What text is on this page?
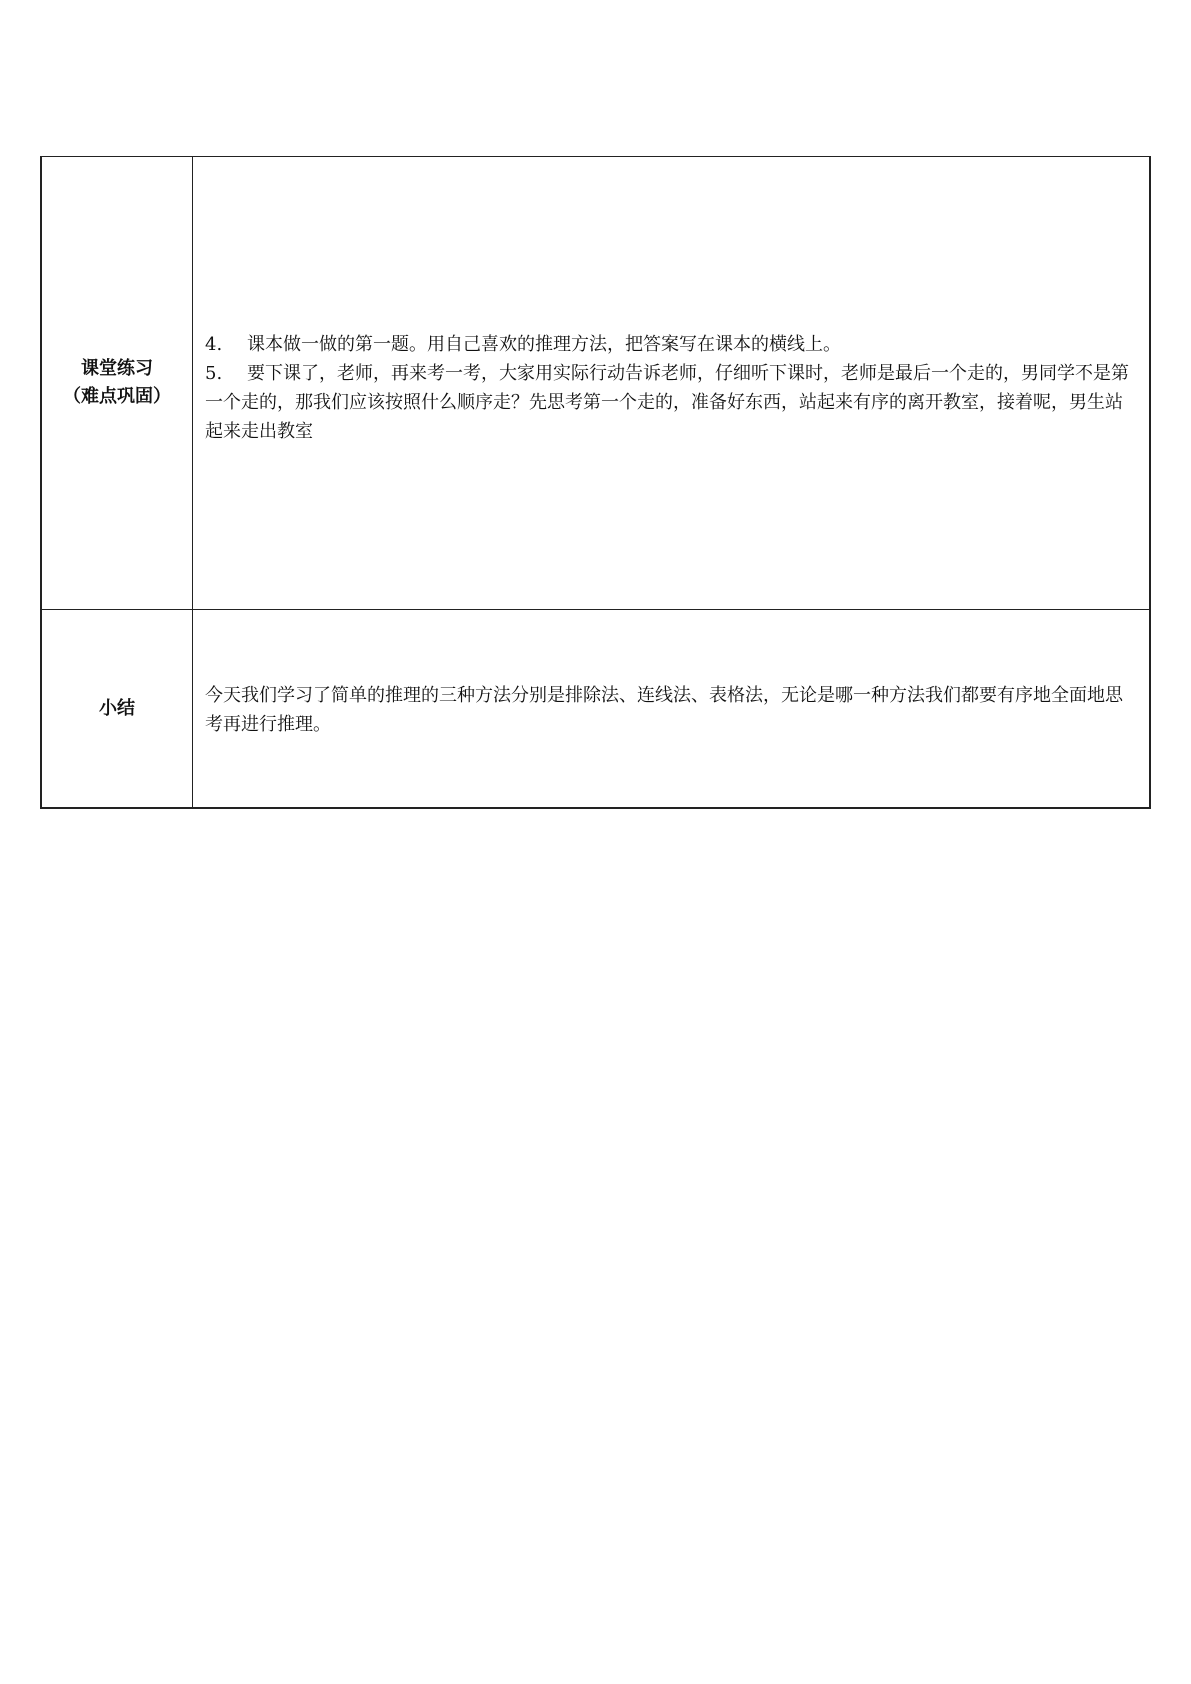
课堂练习
（难点巩固）	4. 课本做一做的第一题。用自己喜欢的推理方法，把答案写在课本的横线上。
5. 要下课了，老师，再来考一考，大家用实际行动告诉老师，仔细听下课时，老师是最后一个走的，男同学不是第一个走的，那我们应该按照什么顺序走？先思考第一个走的，准备好东西，站起来有序的离开教室，接着呢，男生站起来走出教室

小结	今天我们学习了简单的推理的三种方法分别是排除法、连线法、表格法，无论是哪一种方法我们都要有序地全面地思考再进行推理。
